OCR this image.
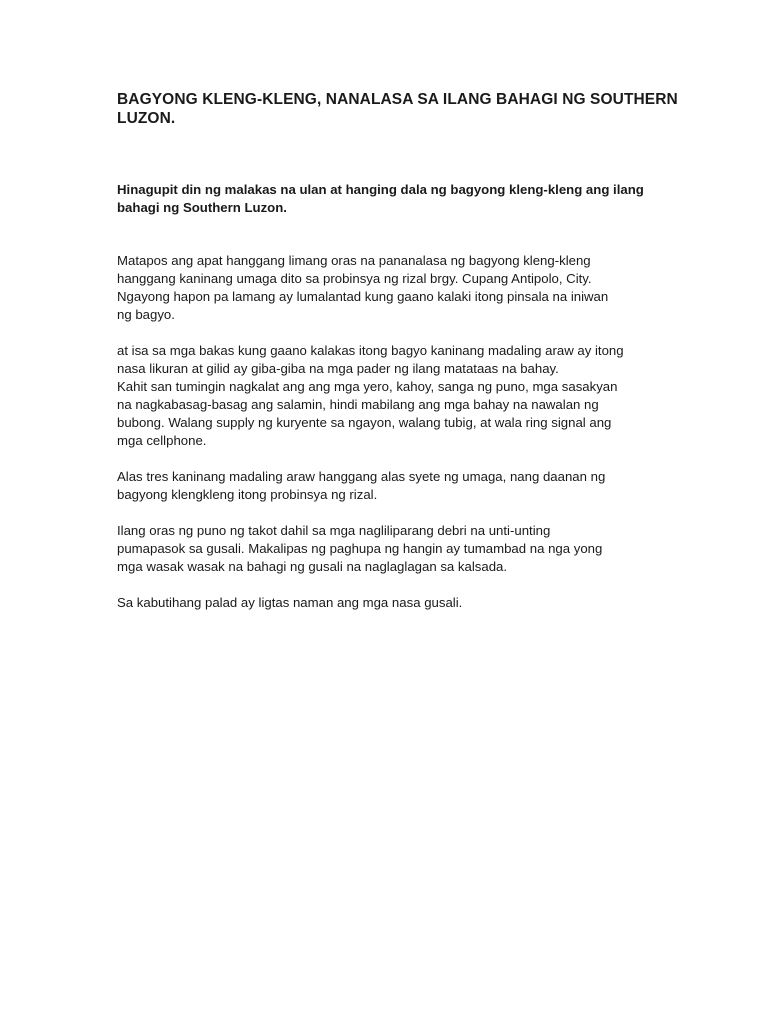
BAGYONG KLENG-KLENG, NANALASA SA ILANG BAHAGI NG SOUTHERN
LUZON.

Hinagupit din ng malakas na ulan at hanging dala ng bagyong kleng-kleng ang ilang
bahagi ng Southern Luzon.

Matapos ang apat hanggang limang oras na pananalasa ng bagyong kleng-kleng
hanggang kaninang umaga dito sa probinsya ng rizal brgy. Cupang Antipolo, City.
Ngayong hapon pa lamang ay lumalantad kung gaano kalaki itong pinsala na iniwan
ng bagyo.

at isa sa mga bakas kung gaano kalakas itong bagyo kaninang madaling araw ay itong
nasa likuran at gilid ay giba-giba na mga pader ng ilang matataas na bahay.
Kahit san tumingin nagkalat ang ang mga yero, kahoy, sanga ng puno, mga sasakyan
na nagkabasag-basag ang salamin, hindi mabilang ang mga bahay na nawalan ng
bubong. Walang supply ng kuryente sa ngayon, walang tubig, at wala ring signal ang
mga cellphone.

Alas tres kaninang madaling araw hanggang alas syete ng umaga, nang daanan ng
bagyong klengkleng itong probinsya ng rizal.

Ilang oras ng puno ng takot dahil sa mga nagliliparang debri na unti-unting
pumapasok sa gusali. Makalipas ng paghupa ng hangin ay tumambad na nga yong
mga wasak wasak na bahagi ng gusali na naglaglagan sa kalsada.

Sa kabutihang palad ay ligtas naman ang mga nasa gusali.
